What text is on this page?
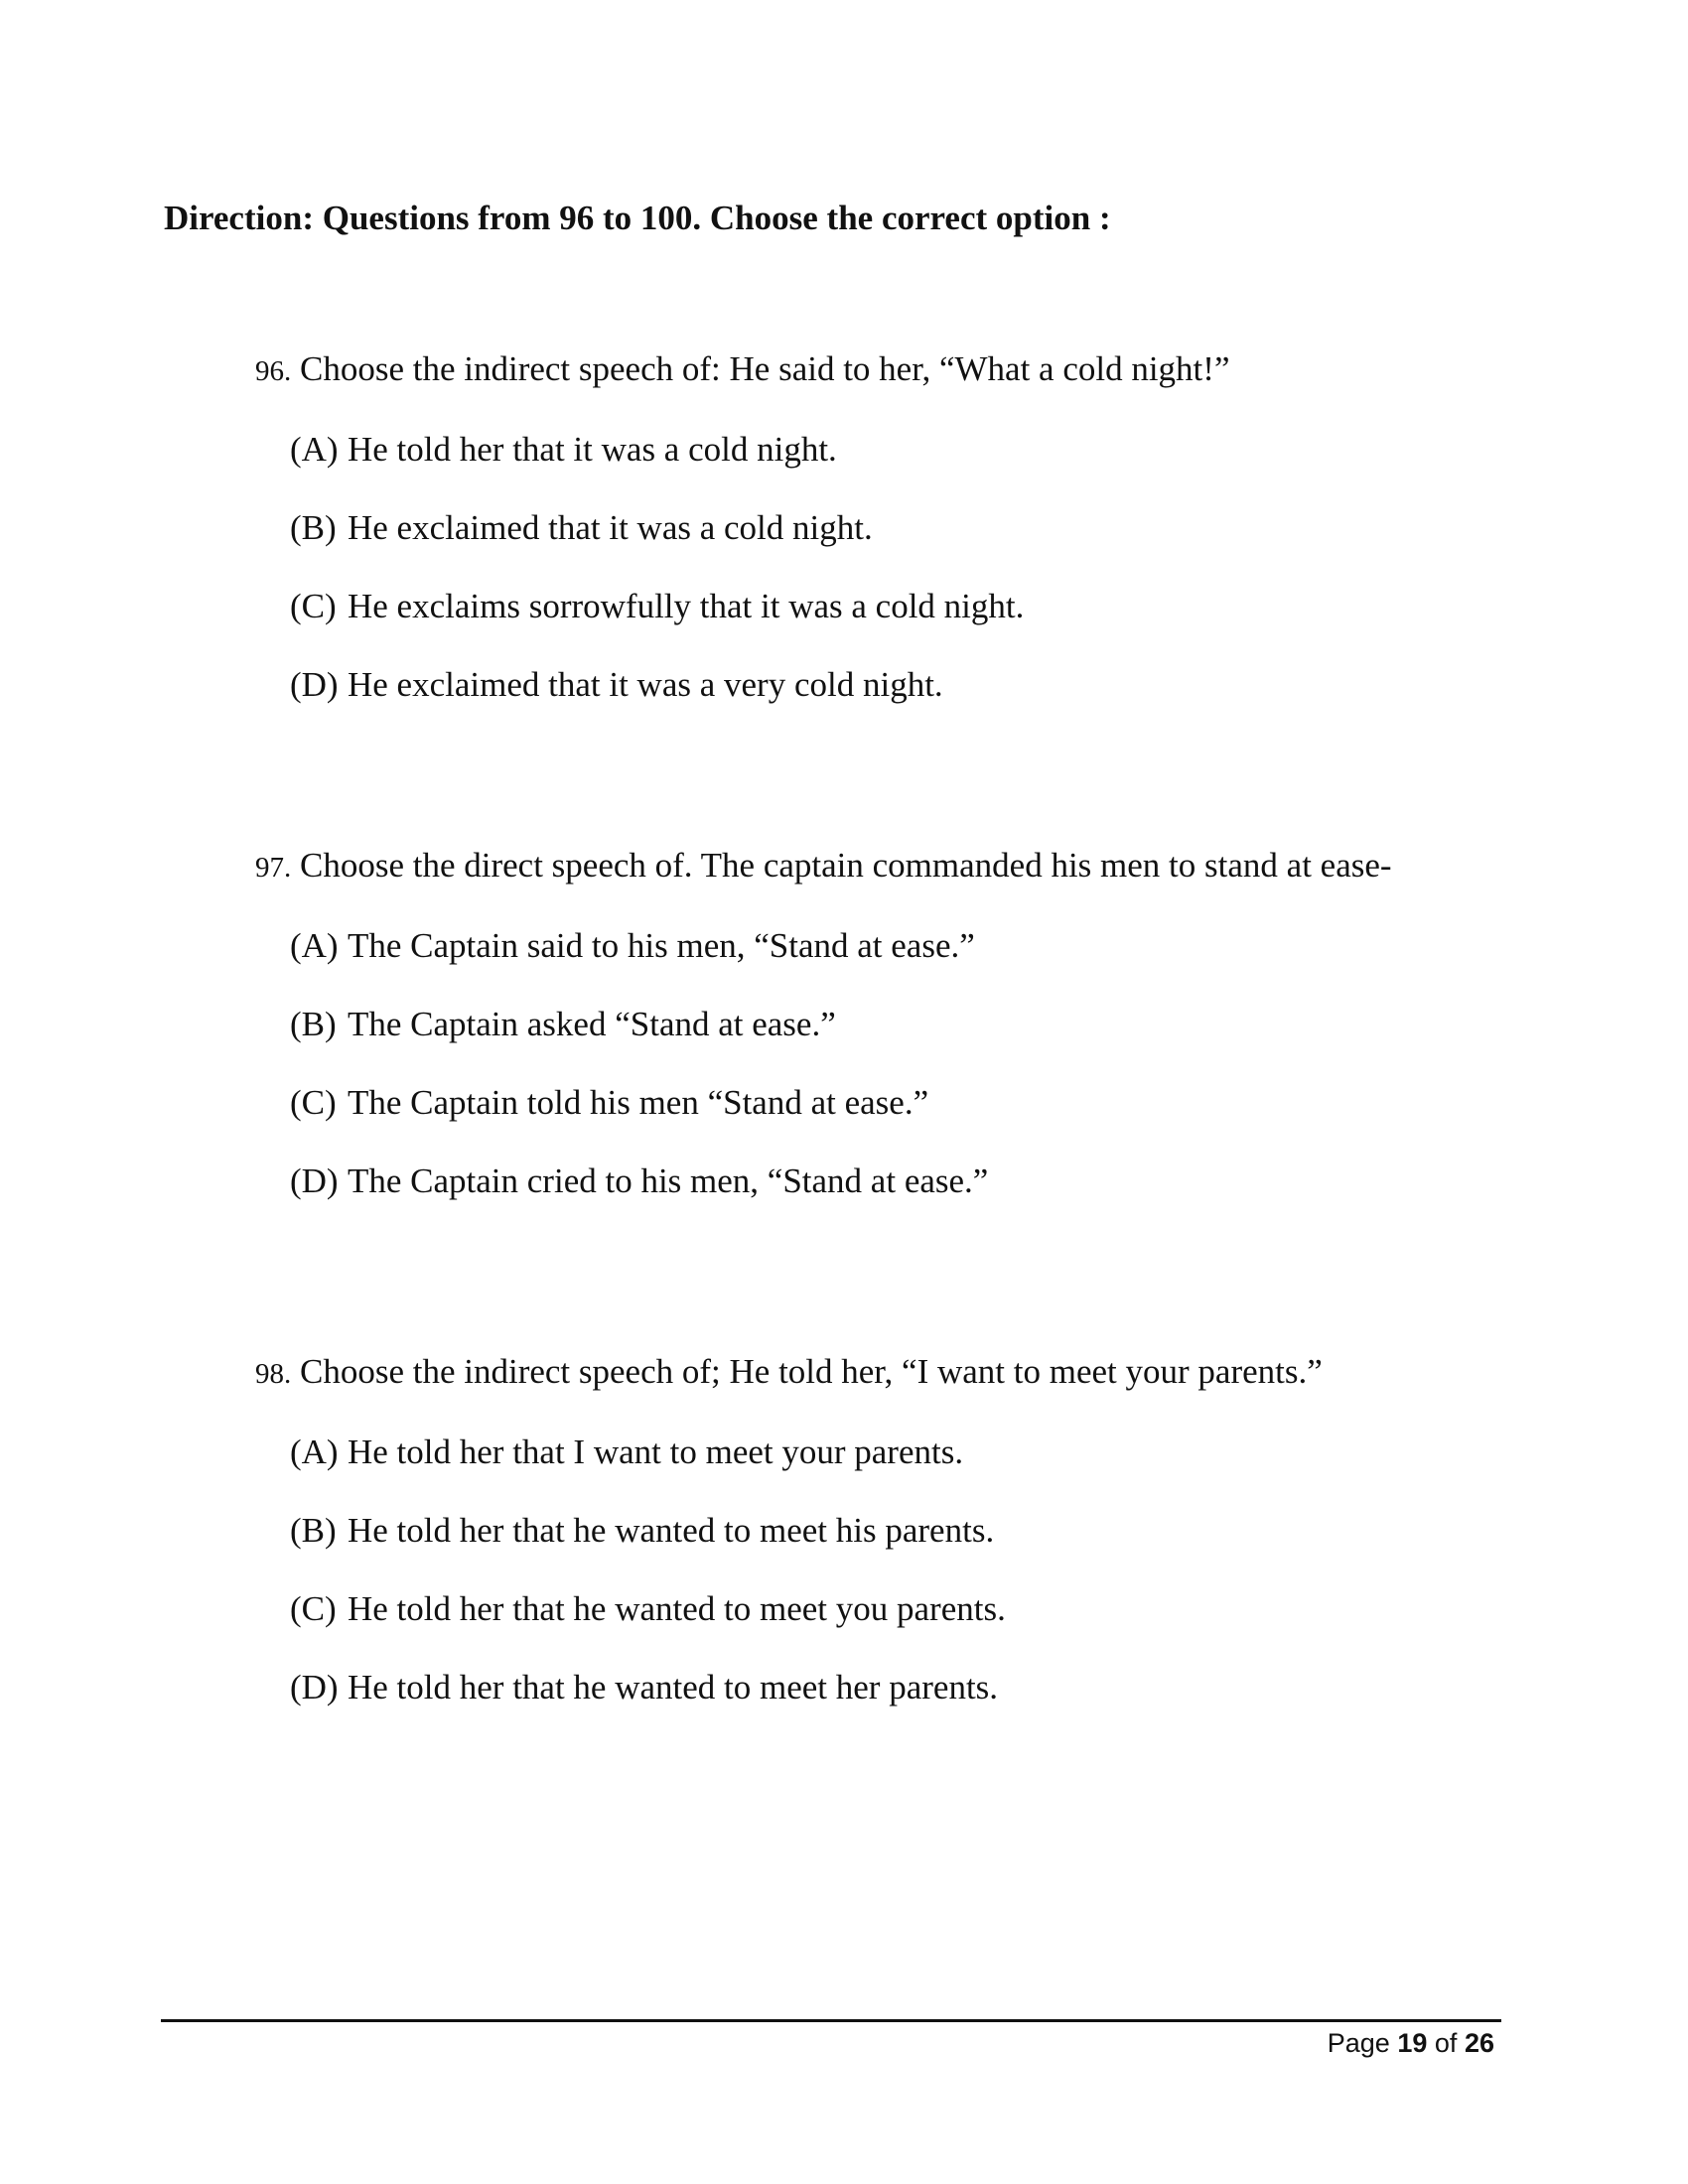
Direction: Questions from 96 to 100. Choose the correct option :
96. Choose the indirect speech of: He said to her, “What a cold night!”
(A) He told her that it was a cold night.
(B) He exclaimed that it was a cold night.
(C) He exclaims sorrowfully that it was a cold night.
(D) He exclaimed that it was a very cold night.
97. Choose the direct speech of. The captain commanded his men to stand at ease-
(A) The Captain said to his men, “Stand at ease.”
(B) The Captain asked “Stand at ease.”
(C) The Captain told his men “Stand at ease.”
(D) The Captain cried to his men, “Stand at ease.”
98. Choose the indirect speech of; He told her, “I want to meet your parents.”
(A) He told her that I want to meet your parents.
(B) He told her that he wanted to meet his parents.
(C) He told her that he wanted to meet you parents.
(D) He told her that he wanted to meet her parents.
Page 19 of 26
